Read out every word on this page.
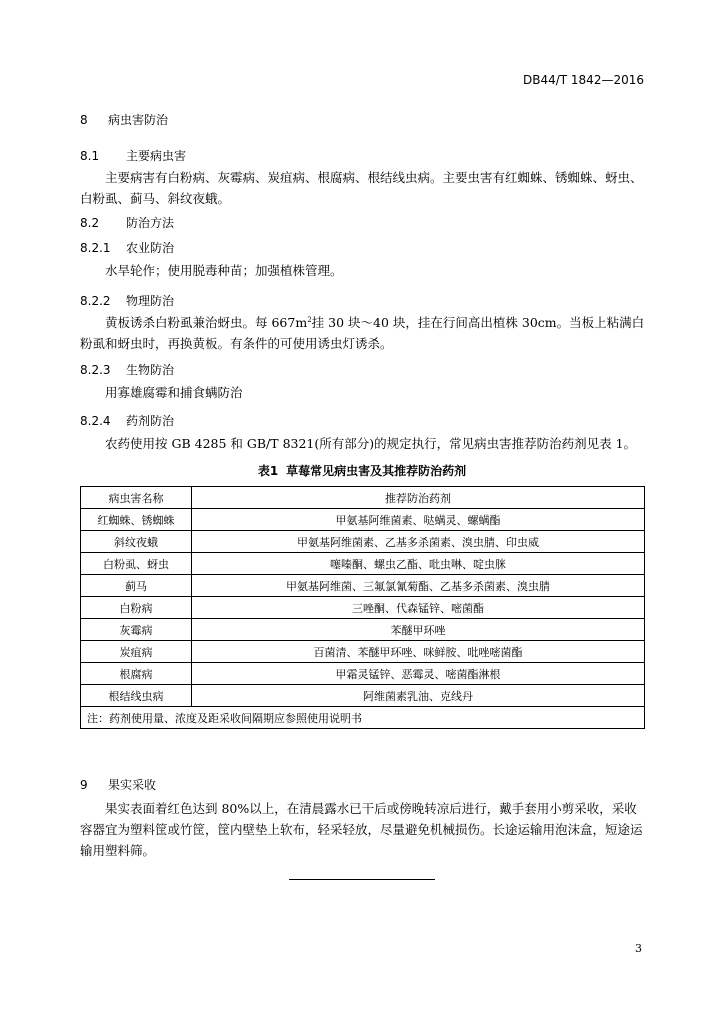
DB44/T 1842—2016
8 病虫害防治
8.1 主要病虫害
主要病害有白粉病、灰霉病、炭疽病、根腐病、根结线虫病。主要虫害有红蜘蛛、锈蜘蛛、蚜虫、白粉虱、蓟马、斜纹夜蛾。
8.2 防治方法
8.2.1 农业防治
水旱轮作；使用脱毒种苗；加强植株管理。
8.2.2 物理防治
黄板诱杀白粉虱兼治蚜虫。每 $667m^2$挂 30 块～40 块，挂在行间高出植株 30cm。当板上粘满白粉虱和蚜虫时，再换黄板。有条件的可使用诱虫灯诱杀。
8.2.3 生物防治
用寡雄腐霉和捕食螨防治
8.2.4 药剂防治
农药使用按 GB 4285 和 GB/T 8321(所有部分)的规定执行，常见病虫害推荐防治药剂见表 1。
表1 草莓常见病虫害及其推荐防治药剂
病虫害名称	推荐防治药剂
红蜘蛛、锈蜘蛛	甲氨基阿维菌素、哒螨灵、螺螨酯
斜纹夜蛾	甲氨基阿维菌素、乙基多杀菌素、溴虫腈、印虫威
白粉虱、蚜虫	噻嗪酮、螺虫乙酯、吡虫啉、啶虫脒
蓟马	甲氨基阿维菌、三氟氯氰菊酯、乙基多杀菌素、溴虫腈
白粉病	三唑酮、代森锰锌、嘧菌酯
灰霉病	苯醚甲环唑
炭疽病	百菌清、苯醚甲环唑、咪鲜胺、吡唑嘧菌酯
根腐病	甲霜灵锰锌、恶霉灵、嘧菌酯淋根
根结线虫病	阿维菌素乳油、克线丹
注：药剂使用量、浓度及距采收间隔期应参照使用说明书	
9 果实采收
果实表面着红色达到 80%以上，在清晨露水已干后或傍晚转凉后进行，戴手套用小剪采收，采收容器宜为塑料筐或竹筐，筐内壁垫上软布，轻采轻放，尽量避免机械损伤。长途运输用泡沫盒，短途运输用塑料筛。
3
